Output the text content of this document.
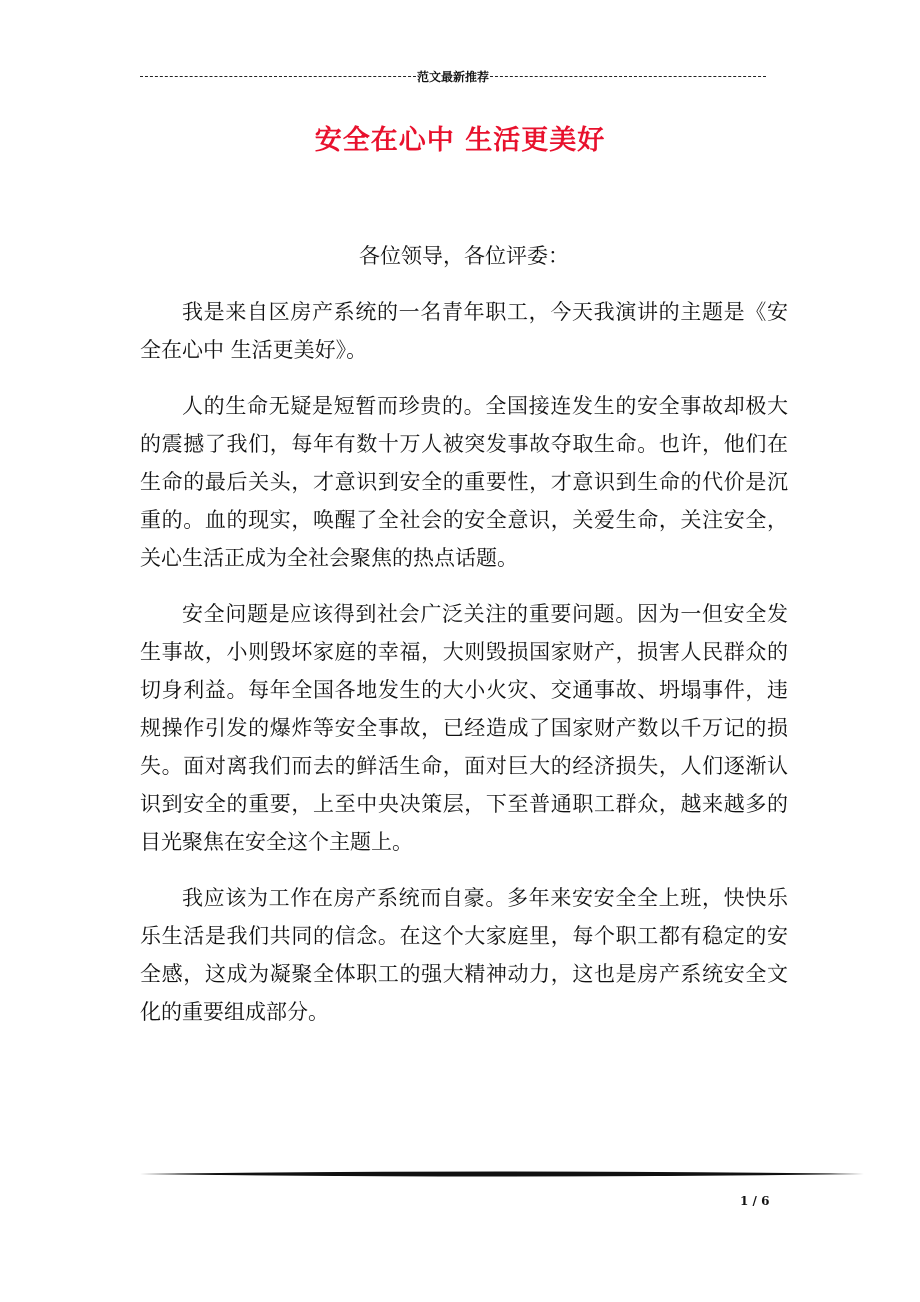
范文最新推荐
安全在心中 生活更美好

各位领导，各位评委：

我是来自区房产系统的一名青年职工，今天我演讲的主题是《安全在心中 生活更美好》。

人的生命无疑是短暂而珍贵的。全国接连发生的安全事故却极大的震撼了我们，每年有数十万人被突发事故夺取生命。也许，他们在生命的最后关头，才意识到安全的重要性，才意识到生命的代价是沉重的。血的现实，唤醒了全社会的安全意识，关爱生命，关注安全，关心生活正成为全社会聚焦的热点话题。

安全问题是应该得到社会广泛关注的重要问题。因为一但安全发生事故，小则毁坏家庭的幸福，大则毁损国家财产，损害人民群众的切身利益。每年全国各地发生的大小火灾、交通事故、坍塌事件，违规操作引发的爆炸等安全事故，已经造成了国家财产数以千万记的损失。面对离我们而去的鲜活生命，面对巨大的经济损失，人们逐渐认识到安全的重要，上至中央决策层，下至普通职工群众，越来越多的目光聚焦在安全这个主题上。

我应该为工作在房产系统而自豪。多年来安安全全上班，快快乐乐生活是我们共同的信念。在这个大家庭里，每个职工都有稳定的安全感，这成为凝聚全体职工的强大精神动力，这也是房产系统安全文化的重要组成部分。

1 / 6
